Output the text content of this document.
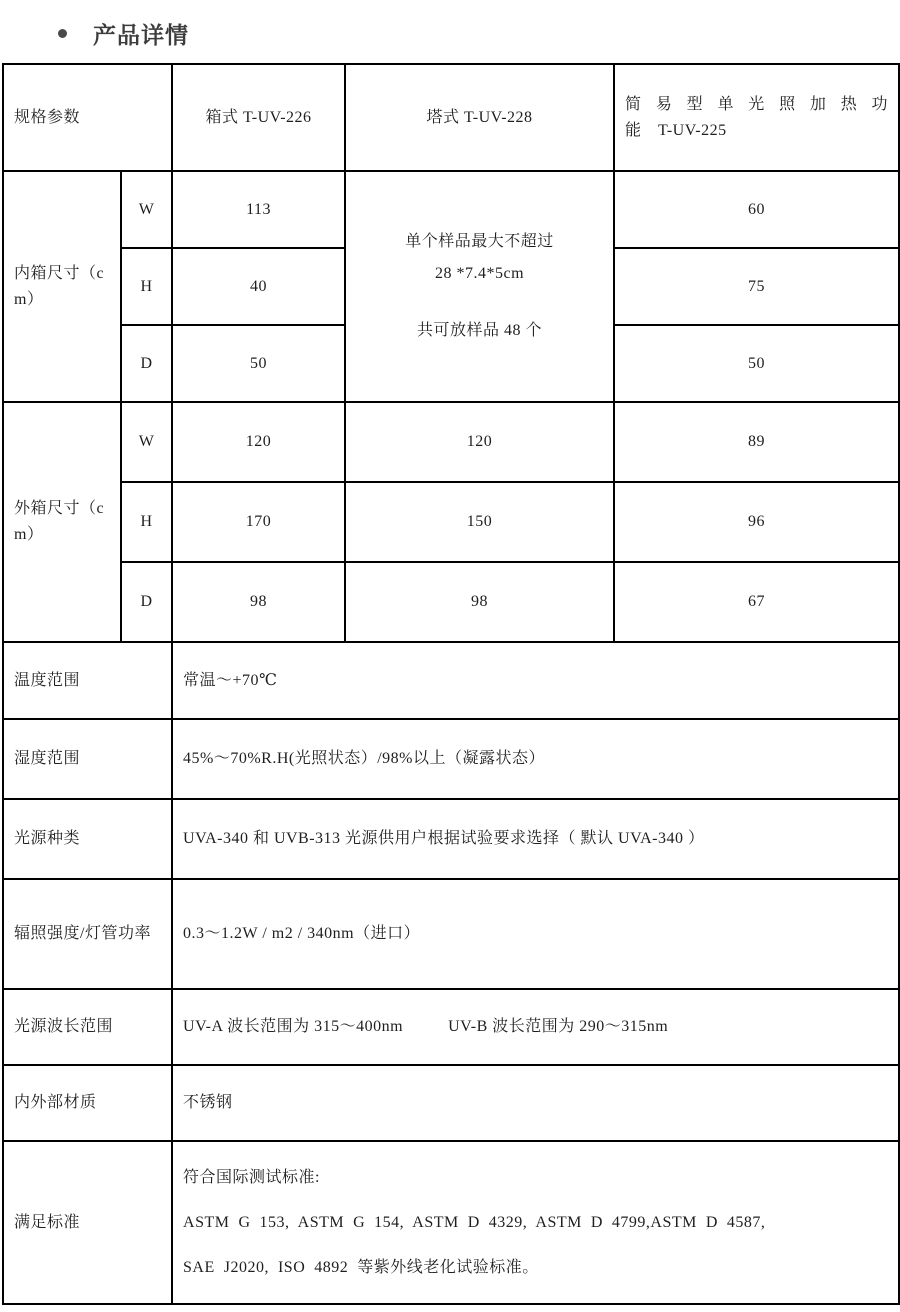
产品详情
规格参数		箱式 T-UV-226	塔式 T-UV-228	简易型单光照加热功
能　T-UV-225

内箱尺寸（cm）	W	113	单个样品最大不超过
28 *7.4*5cm
共可放样品 48 个	60
	H	40		75
	D	50		50
外箱尺寸（cm）	W	120	120	89
	H	170	150	96
	D	98	98	67
温度范围		常温～+70℃		
湿度范围		45%～70%R.H(光照状态）/98%以上（凝露状态）		
光源种类		UVA-340 和 UVB-313 光源供用户根据试验要求选择（ 默认 UVA-340 ）		
辐照强度/灯管功率		0.3～1.2W / m2 / 340nm（进口）		
光源波长范围		UV-A 波长范围为 315～400nm          UV-B 波长范围为 290～315nm		
内外部材质		不锈钢		
满足标准		符合国际测试标准:
ASTM  G  153,  ASTM  G  154,  ASTM  D  4329,  ASTM  D  4799,ASTM  D  4587,
SAE  J2020,  ISO  4892  等紫外线老化试验标准。		
